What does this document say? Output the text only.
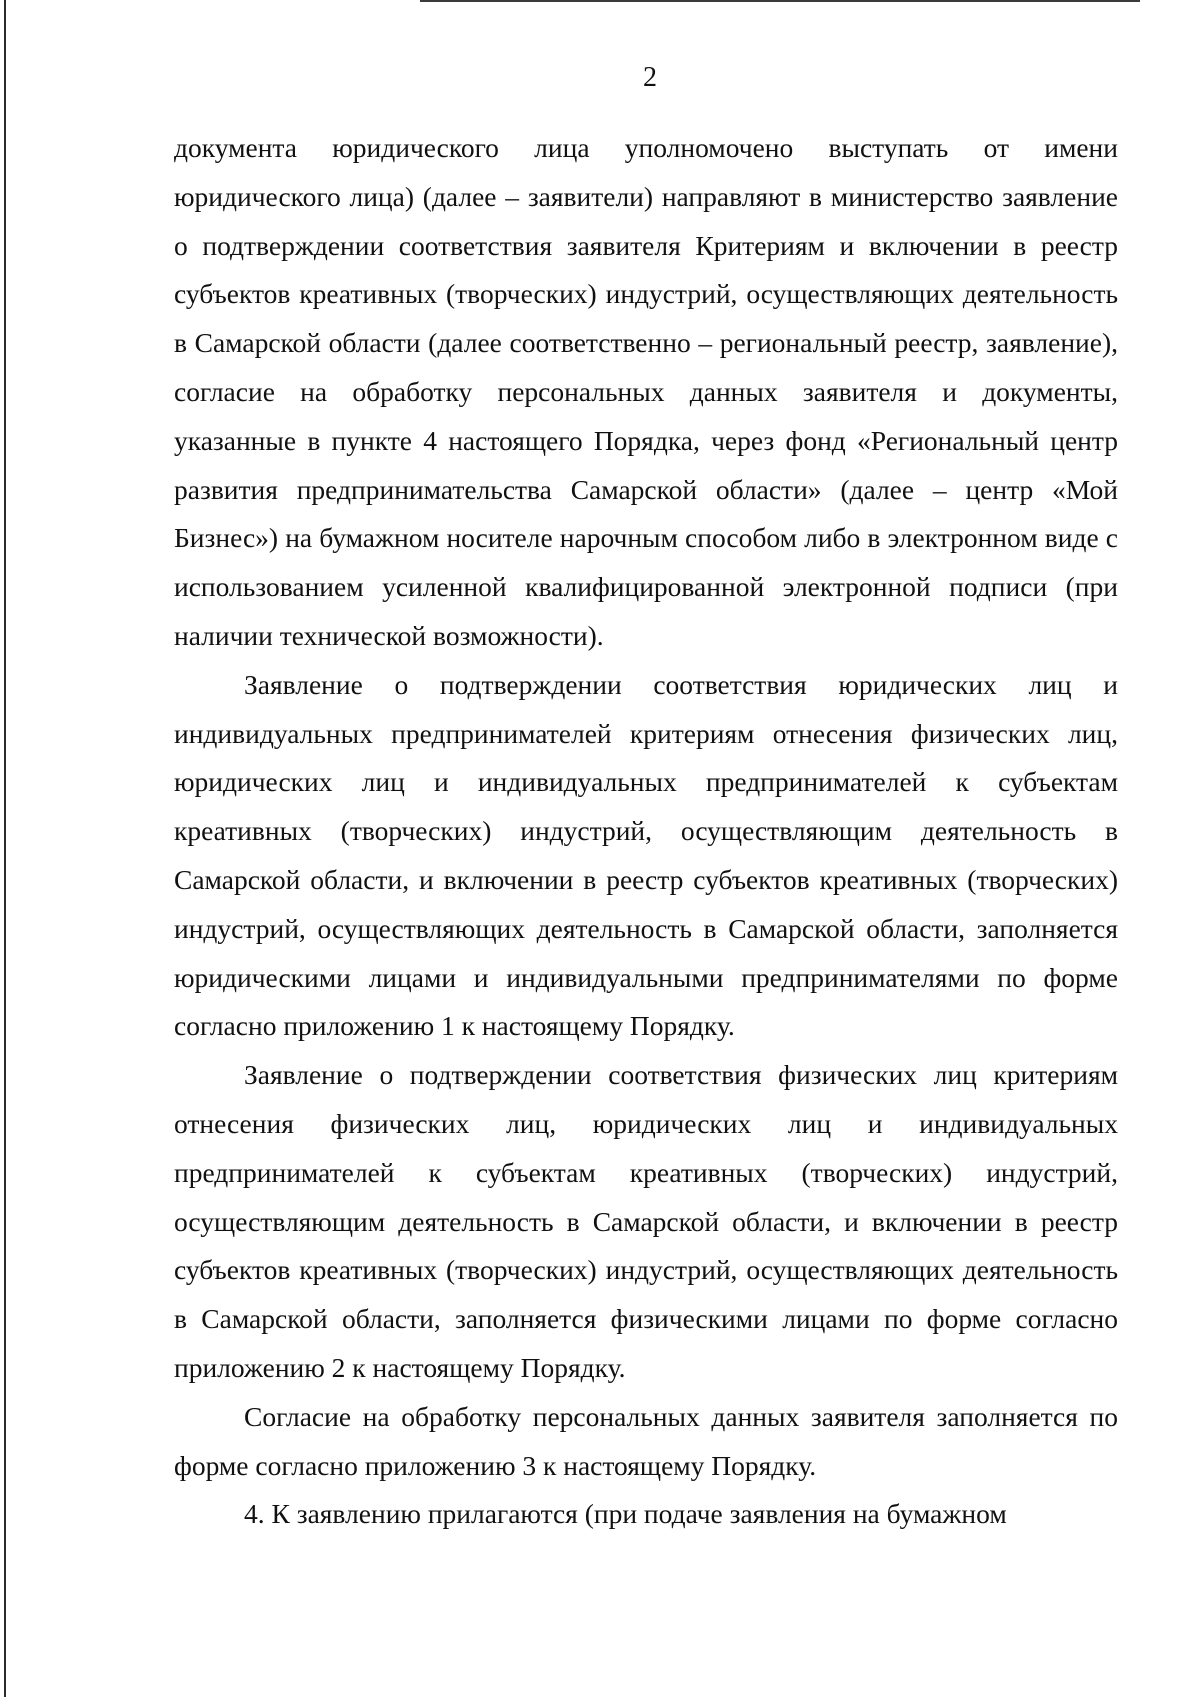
2

документа юридического лица уполномочено выступать от имени юридического лица) (далее – заявители) направляют в министерство заявление о подтверждении соответствия заявителя Критериям и включении в реестр субъектов креативных (творческих) индустрий, осуществляющих деятельность в Самарской области (далее соответственно – региональный реестр, заявление), согласие на обработку персональных данных заявителя и документы, указанные в пункте 4 настоящего Порядка, через фонд «Региональный центр развития предпринимательства Самарской области» (далее – центр «Мой Бизнес») на бумажном носителе нарочным способом либо в электронном виде с использованием усиленной квалифицированной электронной подписи (при наличии технической возможности).

Заявление о подтверждении соответствия юридических лиц и индивидуальных предпринимателей критериям отнесения физических лиц, юридических лиц и индивидуальных предпринимателей к субъектам креативных (творческих) индустрий, осуществляющим деятельность в Самарской области, и включении в реестр субъектов креативных (творческих) индустрий, осуществляющих деятельность в Самарской области, заполняется юридическими лицами и индивидуальными предпринимателями по форме согласно приложению 1 к настоящему Порядку.

Заявление о подтверждении соответствия физических лиц критериям отнесения физических лиц, юридических лиц и индивидуальных предпринимателей к субъектам креативных (творческих) индустрий, осуществляющим деятельность в Самарской области, и включении в реестр субъектов креативных (творческих) индустрий, осуществляющих деятельность в Самарской области, заполняется физическими лицами по форме согласно приложению 2 к настоящему Порядку.

Согласие на обработку персональных данных заявителя заполняется по форме согласно приложению 3 к настоящему Порядку.

4. К заявлению прилагаются (при подаче заявления на бумажном
